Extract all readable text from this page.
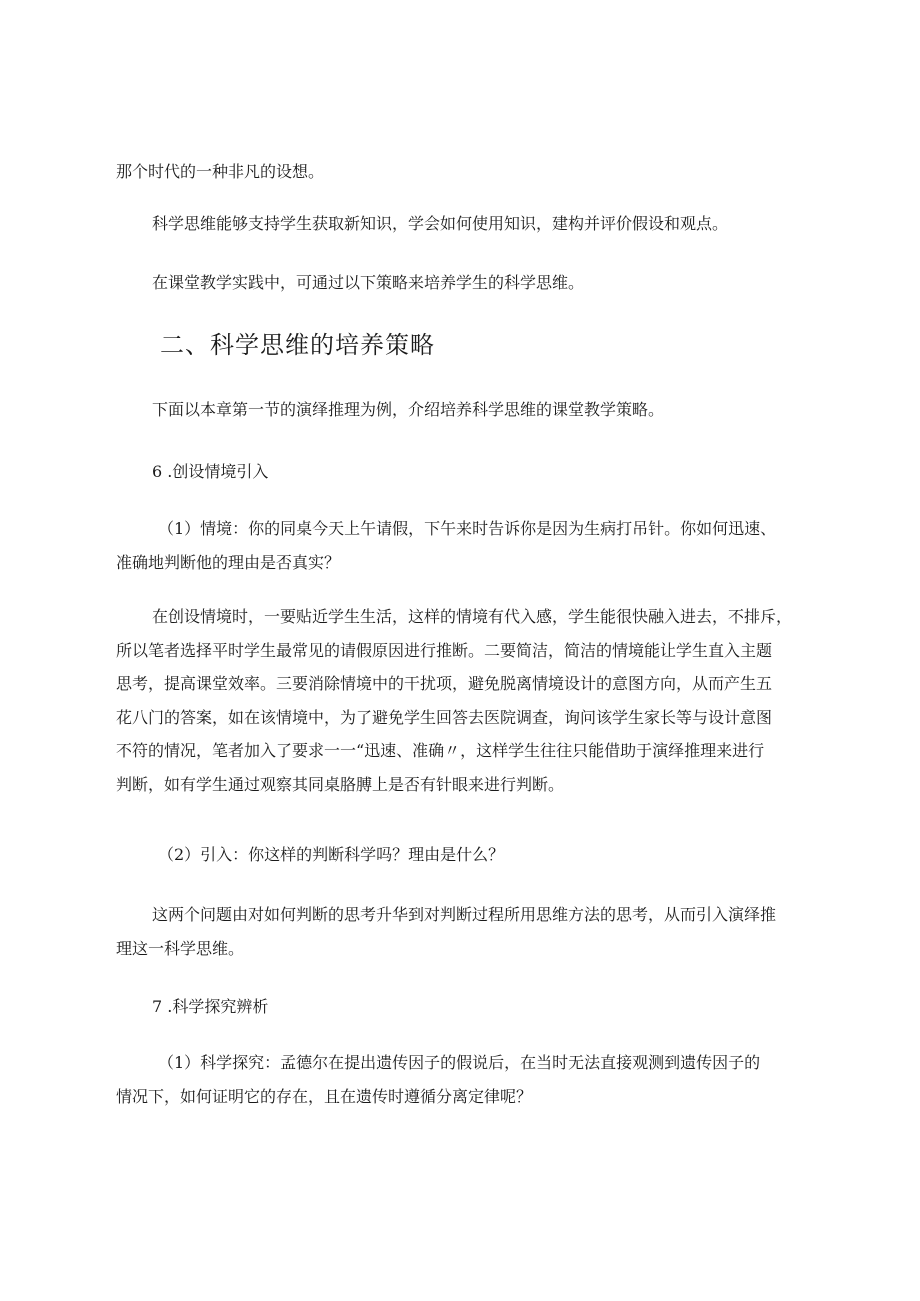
那个时代的一种非凡的设想。

科学思维能够支持学生获取新知识，学会如何使用知识，建构并评价假设和观点。

在课堂教学实践中，可通过以下策略来培养学生的科学思维。

二、科学思维的培养策略

下面以本章第一节的演绎推理为例，介绍培养科学思维的课堂教学策略。

6 .创设情境引入

（1）情境：你的同桌今天上午请假，下午来时告诉你是因为生病打吊针。你如何迅速、
准确地判断他的理由是否真实？

在创设情境时，一要贴近学生生活，这样的情境有代入感，学生能很快融入进去，不排斥，
所以笔者选择平时学生最常见的请假原因进行推断。二要简洁，简洁的情境能让学生直入主题
思考，提高课堂效率。三要消除情境中的干扰项，避免脱离情境设计的意图方向，从而产生五
花八门的答案，如在该情境中，为了避免学生回答去医院调查，询问该学生家长等与设计意图
不符的情况，笔者加入了要求一一“迅速、准确〃，这样学生往往只能借助于演绎推理来进行
判断，如有学生通过观察其同桌胳膊上是否有针眼来进行判断。

（2）引入：你这样的判断科学吗？理由是什么？

这两个问题由对如何判断的思考升华到对判断过程所用思维方法的思考，从而引入演绎推
理这一科学思维。

7 .科学探究辨析

（1）科学探究：孟德尔在提出遗传因子的假说后，在当时无法直接观测到遗传因子的
情况下，如何证明它的存在，且在遗传时遵循分离定律呢？
